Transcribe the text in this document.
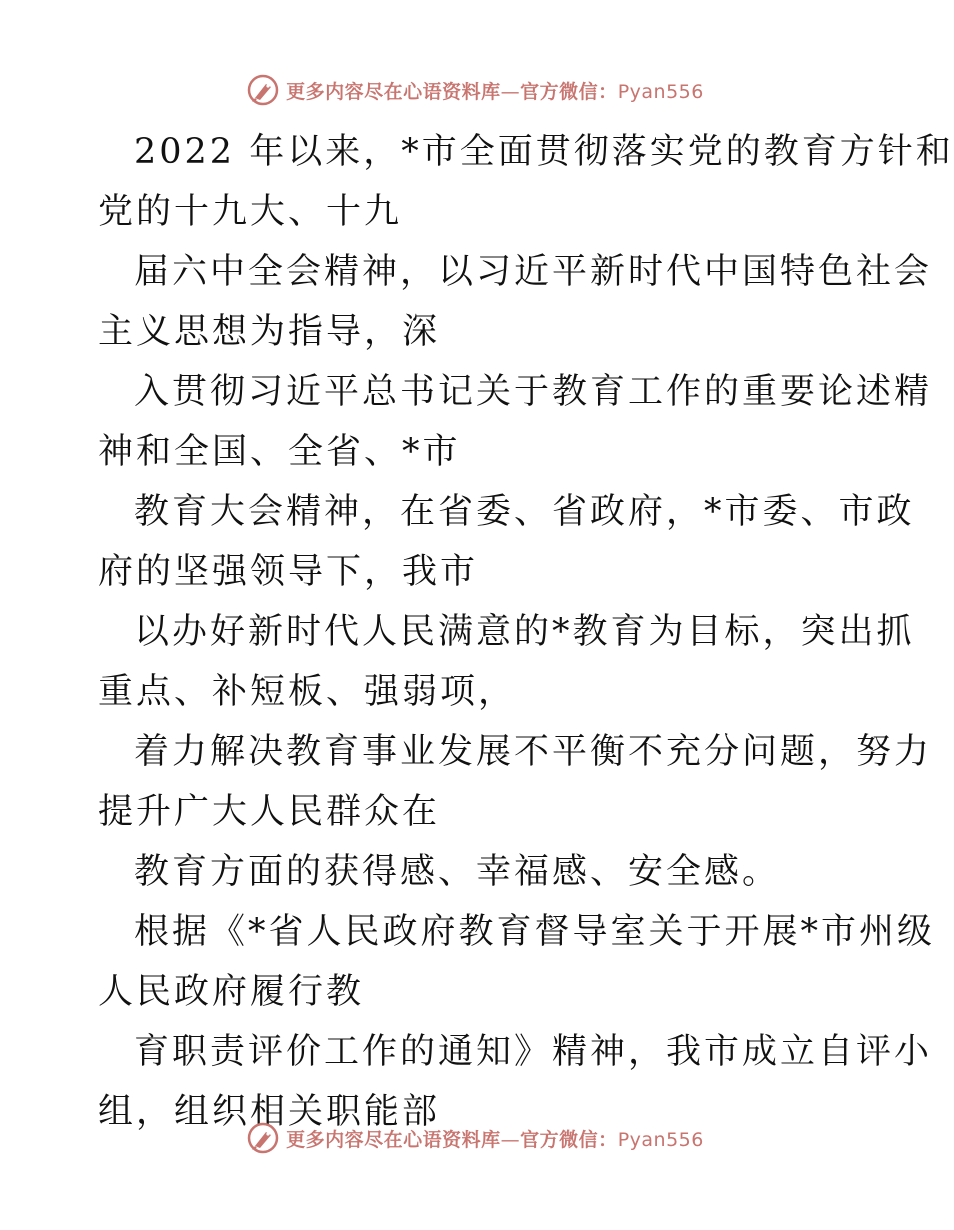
更多内容尽在心语资料库—官方微信：Pyan556
2022 年以来，*市全面贯彻落实党的教育方针和
党的十九大、十九
届六中全会精神，以习近平新时代中国特色社会
主义思想为指导，深
入贯彻习近平总书记关于教育工作的重要论述精
神和全国、全省、*市
教育大会精神，在省委、省政府，*市委、市政
府的坚强领导下，我市
以办好新时代人民满意的*教育为目标，突出抓
重点、补短板、强弱项，
着力解决教育事业发展不平衡不充分问题，努力
提升广大人民群众在
教育方面的获得感、幸福感、安全感。
根据《*省人民政府教育督导室关于开展*市州级
人民政府履行教
育职责评价工作的通知》精神，我市成立自评小
组，组织相关职能部
更多内容尽在心语资料库—官方微信：Pyan556
